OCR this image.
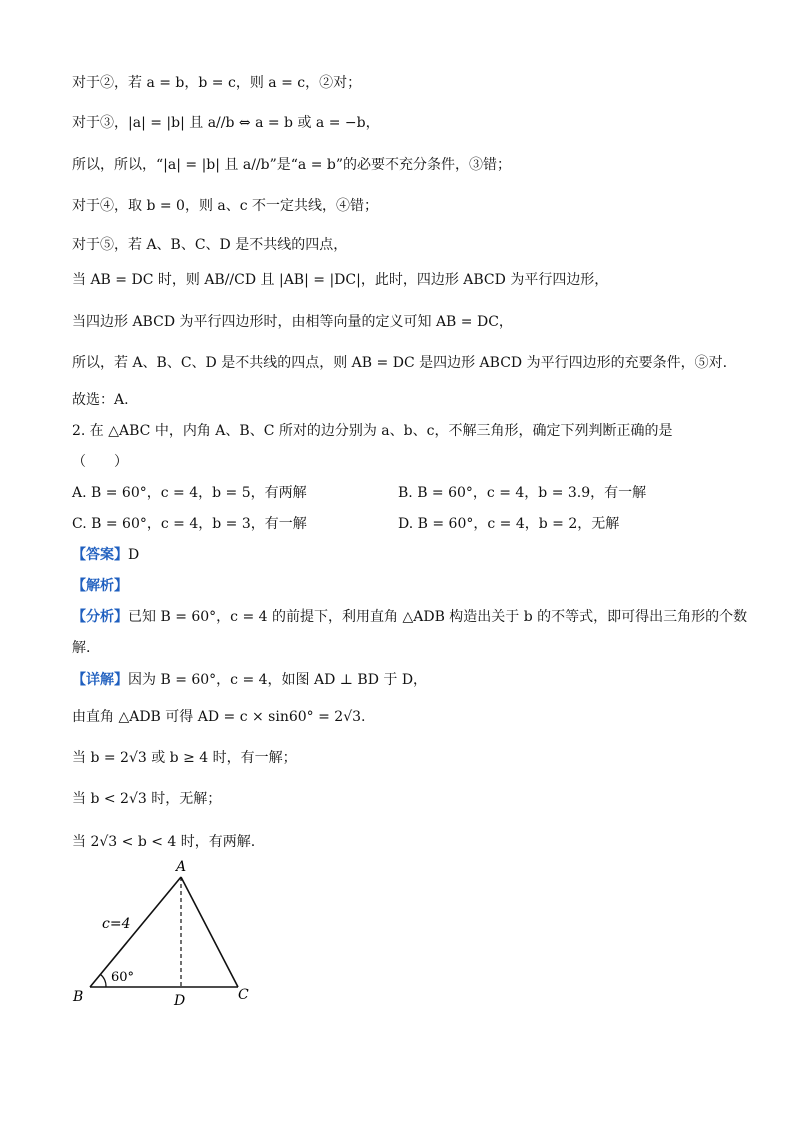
对于②，若 a = b，b = c，则 a = c，②对；
对于③，|a| = |b| 且 a//b ⇔ a = b 或 a = −b，
所以，所以，“|a| = |b| 且 a//b”是“a = b”的必要不充分条件，③错；
对于④，取 b = 0，则 a、c 不一定共线，④错；
对于⑤，若 A、B、C、D 是不共线的四点，
当 AB = DC 时，则 AB//CD 且 |AB| = |DC|，此时，四边形 ABCD 为平行四边形，
当四边形 ABCD 为平行四边形时，由相等向量的定义可知 AB = DC，
所以，若 A、B、C、D 是不共线的四点，则 AB = DC 是四边形 ABCD 为平行四边形的充要条件，⑤对.
故选：A.
2. 在 △ABC 中，内角 A、B、C 所对的边分别为 a、b、c，不解三角形，确定下列判断正确的是
（　　）
A. B = 60°，c = 4，b = 5，有两解	B. B = 60°，c = 4，b = 3.9，有一解
C. B = 60°，c = 4，b = 3，有一解	D. B = 60°，c = 4，b = 2，无解
【答案】D
【解析】
【分析】已知 B = 60°，c = 4 的前提下，利用直角 △ADB 构造出关于 b 的不等式，即可得出三角形的个数
解.
【详解】因为 B = 60°，c = 4，如图 AD ⊥ BD 于 D，
由直角 △ADB 可得 AD = c × sin60° = 2√3.
当 b = 2√3 或 b ≥ 4 时，有一解；
当 b < 2√3 时，无解；
当 2√3 < b < 4 时，有两解.
A
B	C
D
c=4
60°
